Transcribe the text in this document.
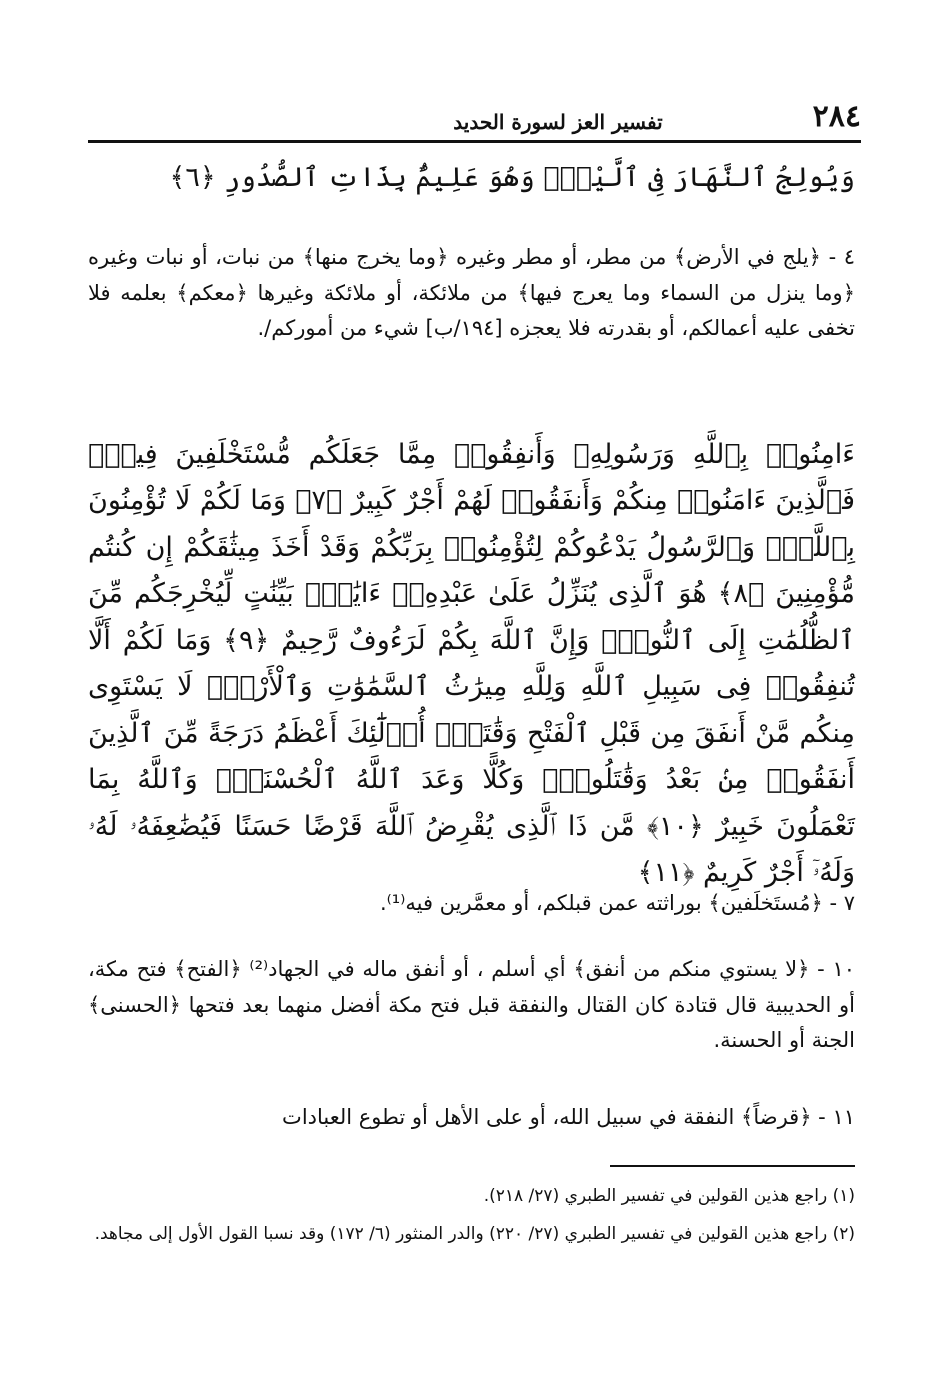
٢٨٤
تفسير العز لسورة الحديد
وَيُولِجُ ٱلنَّهَارَ فِى ٱلَّيْلِۚ وَهُوَ عَلِيمٌۢ بِذَاتِ ٱلصُّدُورِ ﴿٦﴾
٤ - ﴿يلج في الأرض﴾ من مطر، أو مطر وغيره ﴿وما يخرج منها﴾ من نبات، أو نبات وغيره ﴿وما ينزل من السماء وما يعرج فيها﴾ من ملائكة، أو ملائكة وغيرها ﴿معكم﴾ بعلمه فلا تخفى عليه أعمالكم، أو بقدرته فلا يعجزه [١٩٤/ب] شيء من أموركم/.
ءَامِنُوا۟ بِٱللَّهِ وَرَسُولِهِۦ وَأَنفِقُوا۟ مِمَّا جَعَلَكُم مُّسْتَخْلَفِينَ فِيهِۖ فَٱلَّذِينَ ءَامَنُوا۟ مِنكُمْ وَأَنفَقُوا۟ لَهُمْ أَجْرٌ كَبِيرٌ ﴿٧﴾ وَمَا لَكُمْ لَا تُؤْمِنُونَ بِٱللَّهِۙ وَٱلرَّسُولُ يَدْعُوكُمْ لِتُؤْمِنُوا۟ بِرَبِّكُمْ وَقَدْ أَخَذَ مِيثَٰقَكُمْ إِن كُنتُم مُّؤْمِنِينَ ﴿٨﴾ هُوَ ٱلَّذِى يُنَزِّلُ عَلَىٰ عَبْدِهِۦٓ ءَايَٰتٍۭ بَيِّنَٰتٍ لِّيُخْرِجَكُم مِّنَ ٱلظُّلُمَٰتِ إِلَى ٱلنُّورِۚ وَإِنَّ ٱللَّهَ بِكُمْ لَرَءُوفٌ رَّحِيمٌ ﴿٩﴾ وَمَا لَكُمْ أَلَّا تُنفِقُوا۟ فِى سَبِيلِ ٱللَّهِ وَلِلَّهِ مِيرَٰثُ ٱلسَّمَٰوَٰتِ وَٱلْأَرْضِۚ لَا يَسْتَوِى مِنكُم مَّنْ أَنفَقَ مِن قَبْلِ ٱلْفَتْحِ وَقَٰتَلَۚ أُو۟لَٰٓئِكَ أَعْظَمُ دَرَجَةً مِّنَ ٱلَّذِينَ أَنفَقُوا۟ مِنۢ بَعْدُ وَقَٰتَلُوا۟ۚ وَكُلًّا وَعَدَ ٱللَّهُ ٱلْحُسْنَىٰۚ وَٱللَّهُ بِمَا تَعْمَلُونَ خَبِيرٌ ﴿١٠﴾ مَّن ذَا ٱلَّذِى يُقْرِضُ ٱللَّهَ قَرْضًا حَسَنًا فَيُضَٰعِفَهُۥ لَهُۥ وَلَهُۥٓ أَجْرٌ كَرِيمٌ ﴿١١﴾
٧ - ﴿مُستَخلَفين﴾ بوراثته عمن قبلكم، أو معمَّرين فيه⁽¹⁾.
١٠ - ﴿لا يستوي منكم من أنفق﴾ أي أسلم ، أو أنفق ماله في الجهاد⁽²⁾ ﴿الفتح﴾ فتح مكة، أو الحديبية قال قتادة كان القتال والنفقة قبل فتح مكة أفضل منهما بعد فتحها ﴿الحسنى﴾ الجنة أو الحسنة.
١١ - ﴿قرضاً﴾ النفقة في سبيل الله، أو على الأهل أو تطوع العبادات
(١) راجع هذين القولين في تفسير الطبري (٢٧/ ٢١٨).
(٢) راجع هذين القولين في تفسير الطبري (٢٧/ ٢٢٠) والدر المنثور (٦/ ١٧٢) وقد نسبا القول الأول إلى مجاهد.
